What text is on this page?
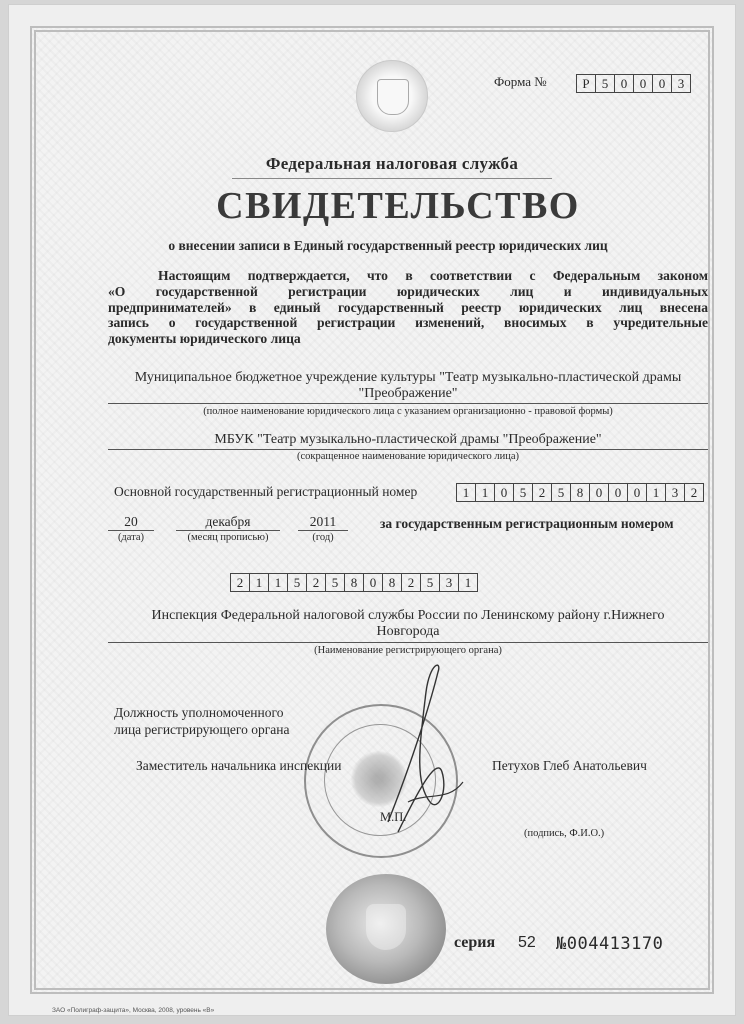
Форма №	Р 5 0 0 0 3
Федеральная налоговая служба
СВИДЕТЕЛЬСТВО
о внесении записи в Единый государственный реестр юридических лиц
Настоящим подтверждается, что в соответствии с Федеральным законом
«О государственной регистрации юридических лиц и индивидуальных
предпринимателей» в единый государственный реестр юридических лиц внесена
запись о государственной регистрации изменений, вносимых в учредительные
документы юридического лица
Муниципальное бюджетное учреждение культуры "Театр музыкально-пластической драмы
"Преображение"
(полное наименование юридического лица с указанием организационно - правовой формы)
МБУК "Театр музыкально-пластической драмы "Преображение"
(сокращенное наименование юридического лица)
Основной государственный регистрационный номер	1 1 0 5 2 5 8 0 0 0 1 3 2
20
(дата)
декабря
(месяц прописью)
2011
(год)
за государственным регистрационным номером
2 1 1 5 2 5 8 0 8 2 5 3 1
Инспекция Федеральной налоговой службы России по Ленинскому району г.Нижнего
Новгорода
(Наименование регистрирующего органа)
Должность уполномоченного
лица регистрирующего органа
Заместитель начальника инспекции	Петухов Глеб Анатольевич
М.П.
(подпись, Ф.И.О.)
серия 52 №004413170
ЗАО «Полиграф-защита», Москва, 2008, уровень «В»
